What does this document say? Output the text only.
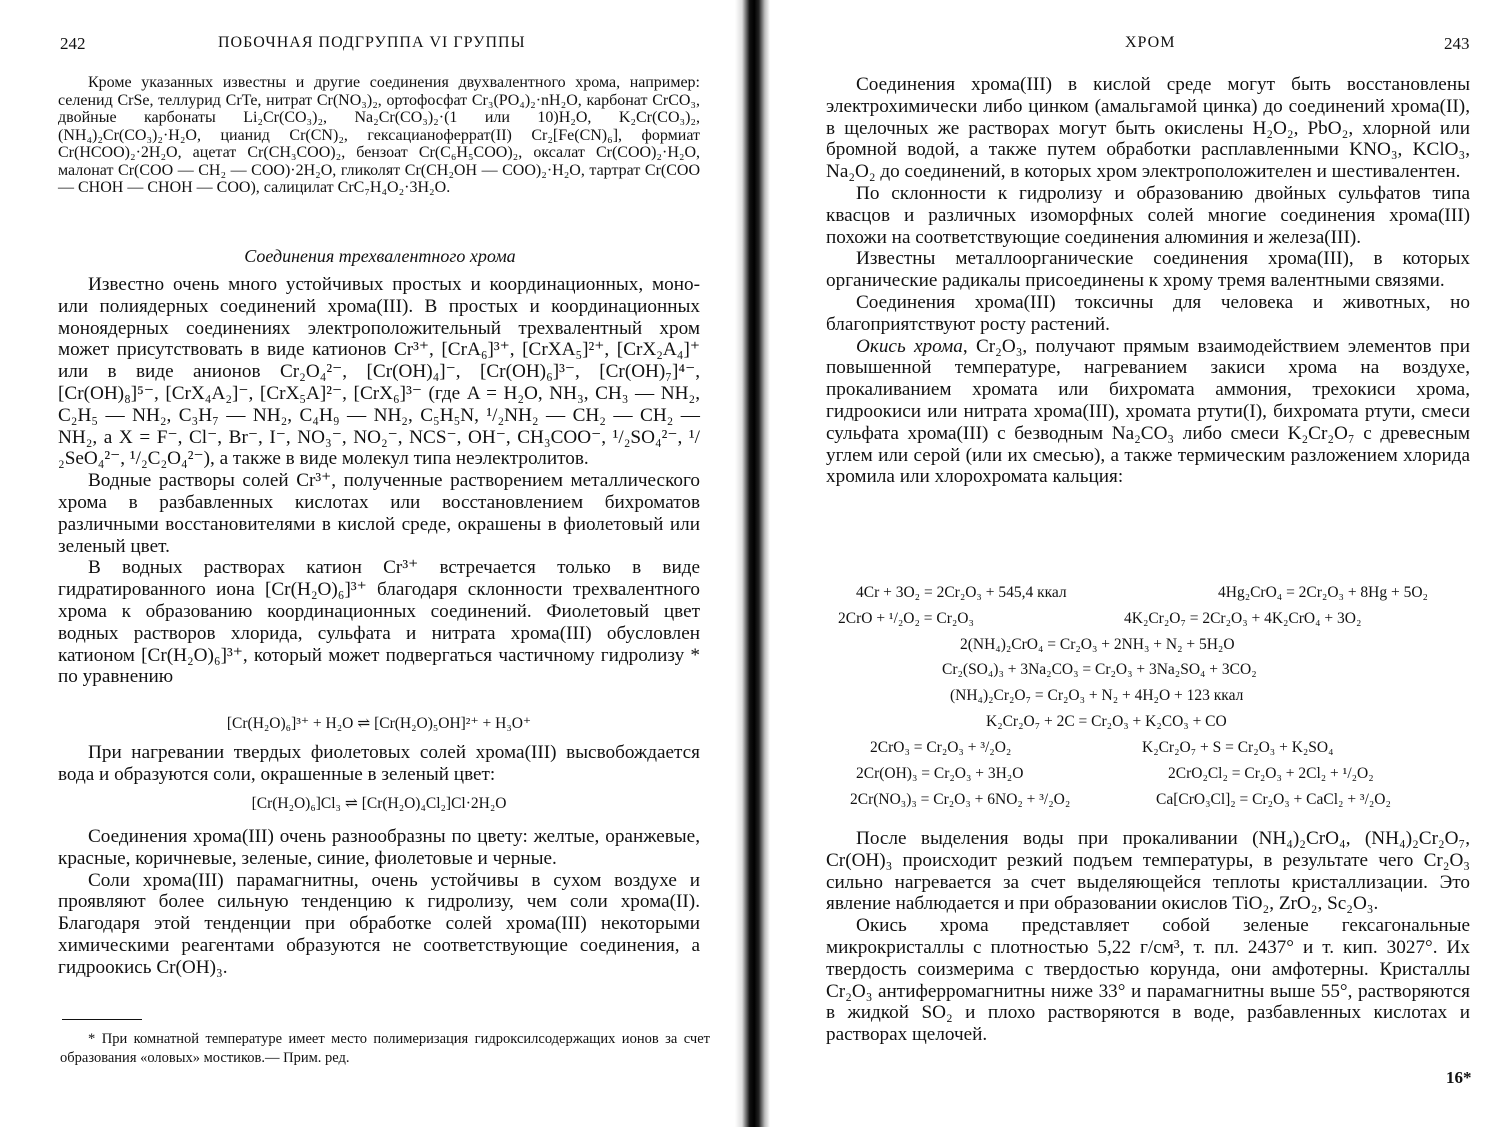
242	ПОБОЧНАЯ ПОДГРУППА VI ГРУППЫ

Кроме указанных известны и другие соединения двухвалентного хрома, например: селенид CrSe, теллурид CrTe, нитрат Cr(NO₃)₂, ортофосфат Cr₃(PO₄)₂·nH₂O, карбонат CrCO₃, двойные карбонаты Li₂Cr(CO₃)₂, Na₂Cr(CO₃)₂·(1 или 10)H₂O, K₂Cr(CO₃)₂, (NH₄)₂Cr(CO₃)₂·H₂O, цианид Cr(CN)₂, гексацианоферрат(II) Cr₂[Fe(CN)₆], формиат Cr(HCOO)₂·2H₂O, ацетат Cr(CH₃COO)₂, бензоат Cr(C₆H₅COO)₂, оксалат Cr(COO)₂·H₂O, малонат Cr(COO — CH₂ — COO)·2H₂O, гликолят Cr(CH₂OH — COO)₂·H₂O, тартрат Cr(COO — CHOH — CHOH — COO), салицилат CrC₇H₄O₂·3H₂O.

Соединения трехвалентного хрома

Известно очень много устойчивых простых и координационных, моно- или полиядерных соединений хрома(III). В простых и координационных моноядерных соединениях электроположительный трехвалентный хром может присутствовать в виде катионов Cr³⁺, [CrA₆]³⁺, [CrXA₅]²⁺, [CrX₂A₄]⁺ или в виде анионов Cr₂O₄²⁻, [Cr(OH)₄]⁻, [Cr(OH)₆]³⁻, [Cr(OH)₇]⁴⁻, [Cr(OH)₈]⁵⁻, [CrX₄A₂]⁻, [CrX₅A]²⁻, [CrX₆]³⁻ (где A = H₂O, NH₃, CH₃ — NH₂, C₂H₅ — NH₂, C₃H₇ — NH₂, C₄H₉ — NH₂, C₅H₅N, ¹/₂NH₂ — CH₂ — CH₂ — NH₂, а X = F⁻, Cl⁻, Br⁻, I⁻, NO₃⁻, NO₂⁻, NCS⁻, OH⁻, CH₃COO⁻, ¹/₂SO₄²⁻, ¹/₂SeO₄²⁻, ¹/₂C₂O₄²⁻), а также в виде молекул типа неэлектролитов.

Водные растворы солей Cr³⁺, полученные растворением металлического хрома в разбавленных кислотах или восстановлением бихроматов различными восстановителями в кислой среде, окрашены в фиолетовый или зеленый цвет.

В водных растворах катион Cr³⁺ встречается только в виде гидратированного иона [Cr(H₂O)₆]³⁺ благодаря склонности трехвалентного хрома к образованию координационных соединений. Фиолетовый цвет водных растворов хлорида, сульфата и нитрата хрома(III) обусловлен катионом [Cr(H₂O)₆]³⁺, который может подвергаться частичному гидролизу * по уравнению

[Cr(H₂O)₆]³⁺ + H₂O ⇌ [Cr(H₂O)₅OH]²⁺ + H₃O⁺

При нагревании твердых фиолетовых солей хрома(III) высвобождается вода и образуются соли, окрашенные в зеленый цвет:

[Cr(H₂O)₆]Cl₃ ⇌ [Cr(H₂O)₄Cl₂]Cl·2H₂O

Соединения хрома(III) очень разнообразны по цвету: желтые, оранжевые, красные, коричневые, зеленые, синие, фиолетовые и черные.

Соли хрома(III) парамагнитны, очень устойчивы в сухом воздухе и проявляют более сильную тенденцию к гидролизу, чем соли хрома(II). Благодаря этой тенденции при обработке солей хрома(III) некоторыми химическими реагентами образуются не соответствующие соединения, а гидроокись Cr(OH)₃.

* При комнатной температуре имеет место полимеризация гидроксилсодержащих ионов за счет образования «оловых» мостиков.— Прим. ред.

ХРОМ	243

Соединения хрома(III) в кислой среде могут быть восстановлены электрохимически либо цинком (амальгамой цинка) до соединений хрома(II), в щелочных же растворах могут быть окислены H₂O₂, PbO₂, хлорной или бромной водой, а также путем обработки расплавленными KNO₃, KClO₃, Na₂O₂ до соединений, в которых хром электроположителен и шестивалентен.

По склонности к гидролизу и образованию двойных сульфатов типа квасцов и различных изоморфных солей многие соединения хрома(III) похожи на соответствующие соединения алюминия и железа(III).

Известны металлоорганические соединения хрома(III), в которых органические радикалы присоединены к хрому тремя валентными связями.

Соединения хрома(III) токсичны для человека и животных, но благоприятствуют росту растений.

Окись хрома, Cr₂O₃, получают прямым взаимодействием элементов при повышенной температуре, нагреванием закиси хрома на воздухе, прокаливанием хромата или бихромата аммония, трехокиси хрома, гидроокиси или нитрата хрома(III), хромата ртути(I), бихромата ртути, смеси сульфата хрома(III) с безводным Na₂CO₃ либо смеси K₂Cr₂O₇ с древесным углем или серой (или их смесью), а также термическим разложением хлорида хромила или хлорохромата кальция:

4Cr + 3O₂ = 2Cr₂O₃ + 545,4 ккал	4Hg₂CrO₄ = 2Cr₂O₃ + 8Hg + 5O₂
2CrO + ¹/₂O₂ = Cr₂O₃	4K₂Cr₂O₇ = 2Cr₂O₃ + 4K₂CrO₄ + 3O₂
2(NH₄)₂CrO₄ = Cr₂O₃ + 2NH₃ + N₂ + 5H₂O
Cr₂(SO₄)₃ + 3Na₂CO₃ = Cr₂O₃ + 3Na₂SO₄ + 3CO₂
(NH₄)₂Cr₂O₇ = Cr₂O₃ + N₂ + 4H₂O + 123 ккал
K₂Cr₂O₇ + 2C = Cr₂O₃ + K₂CO₃ + CO
2CrO₃ = Cr₂O₃ + ³/₂O₂	K₂Cr₂O₇ + S = Cr₂O₃ + K₂SO₄
2Cr(OH)₃ = Cr₂O₃ + 3H₂O	2CrO₂Cl₂ = Cr₂O₃ + 2Cl₂ + ¹/₂O₂
2Cr(NO₃)₃ = Cr₂O₃ + 6NO₂ + ³/₂O₂	Ca[CrO₃Cl]₂ = Cr₂O₃ + CaCl₂ + ³/₂O₂

После выделения воды при прокаливании (NH₄)₂CrO₄, (NH₄)₂Cr₂O₇, Cr(OH)₃ происходит резкий подъем температуры, в результате чего Cr₂O₃ сильно нагревается за счет выделяющейся теплоты кристаллизации. Это явление наблюдается и при образовании окислов TiO₂, ZrO₂, Sc₂O₃.

Окись хрома представляет собой зеленые гексагональные микрокристаллы с плотностью 5,22 г/см³, т. пл. 2437° и т. кип. 3027°. Их твердость соизмерима с твердостью корунда, они амфотерны. Кристаллы Cr₂O₃ антиферромагнитны ниже 33° и парамагнитны выше 55°, растворяются в жидкой SO₂ и плохо растворяются в воде, разбавленных кислотах и растворах щелочей.

16*
